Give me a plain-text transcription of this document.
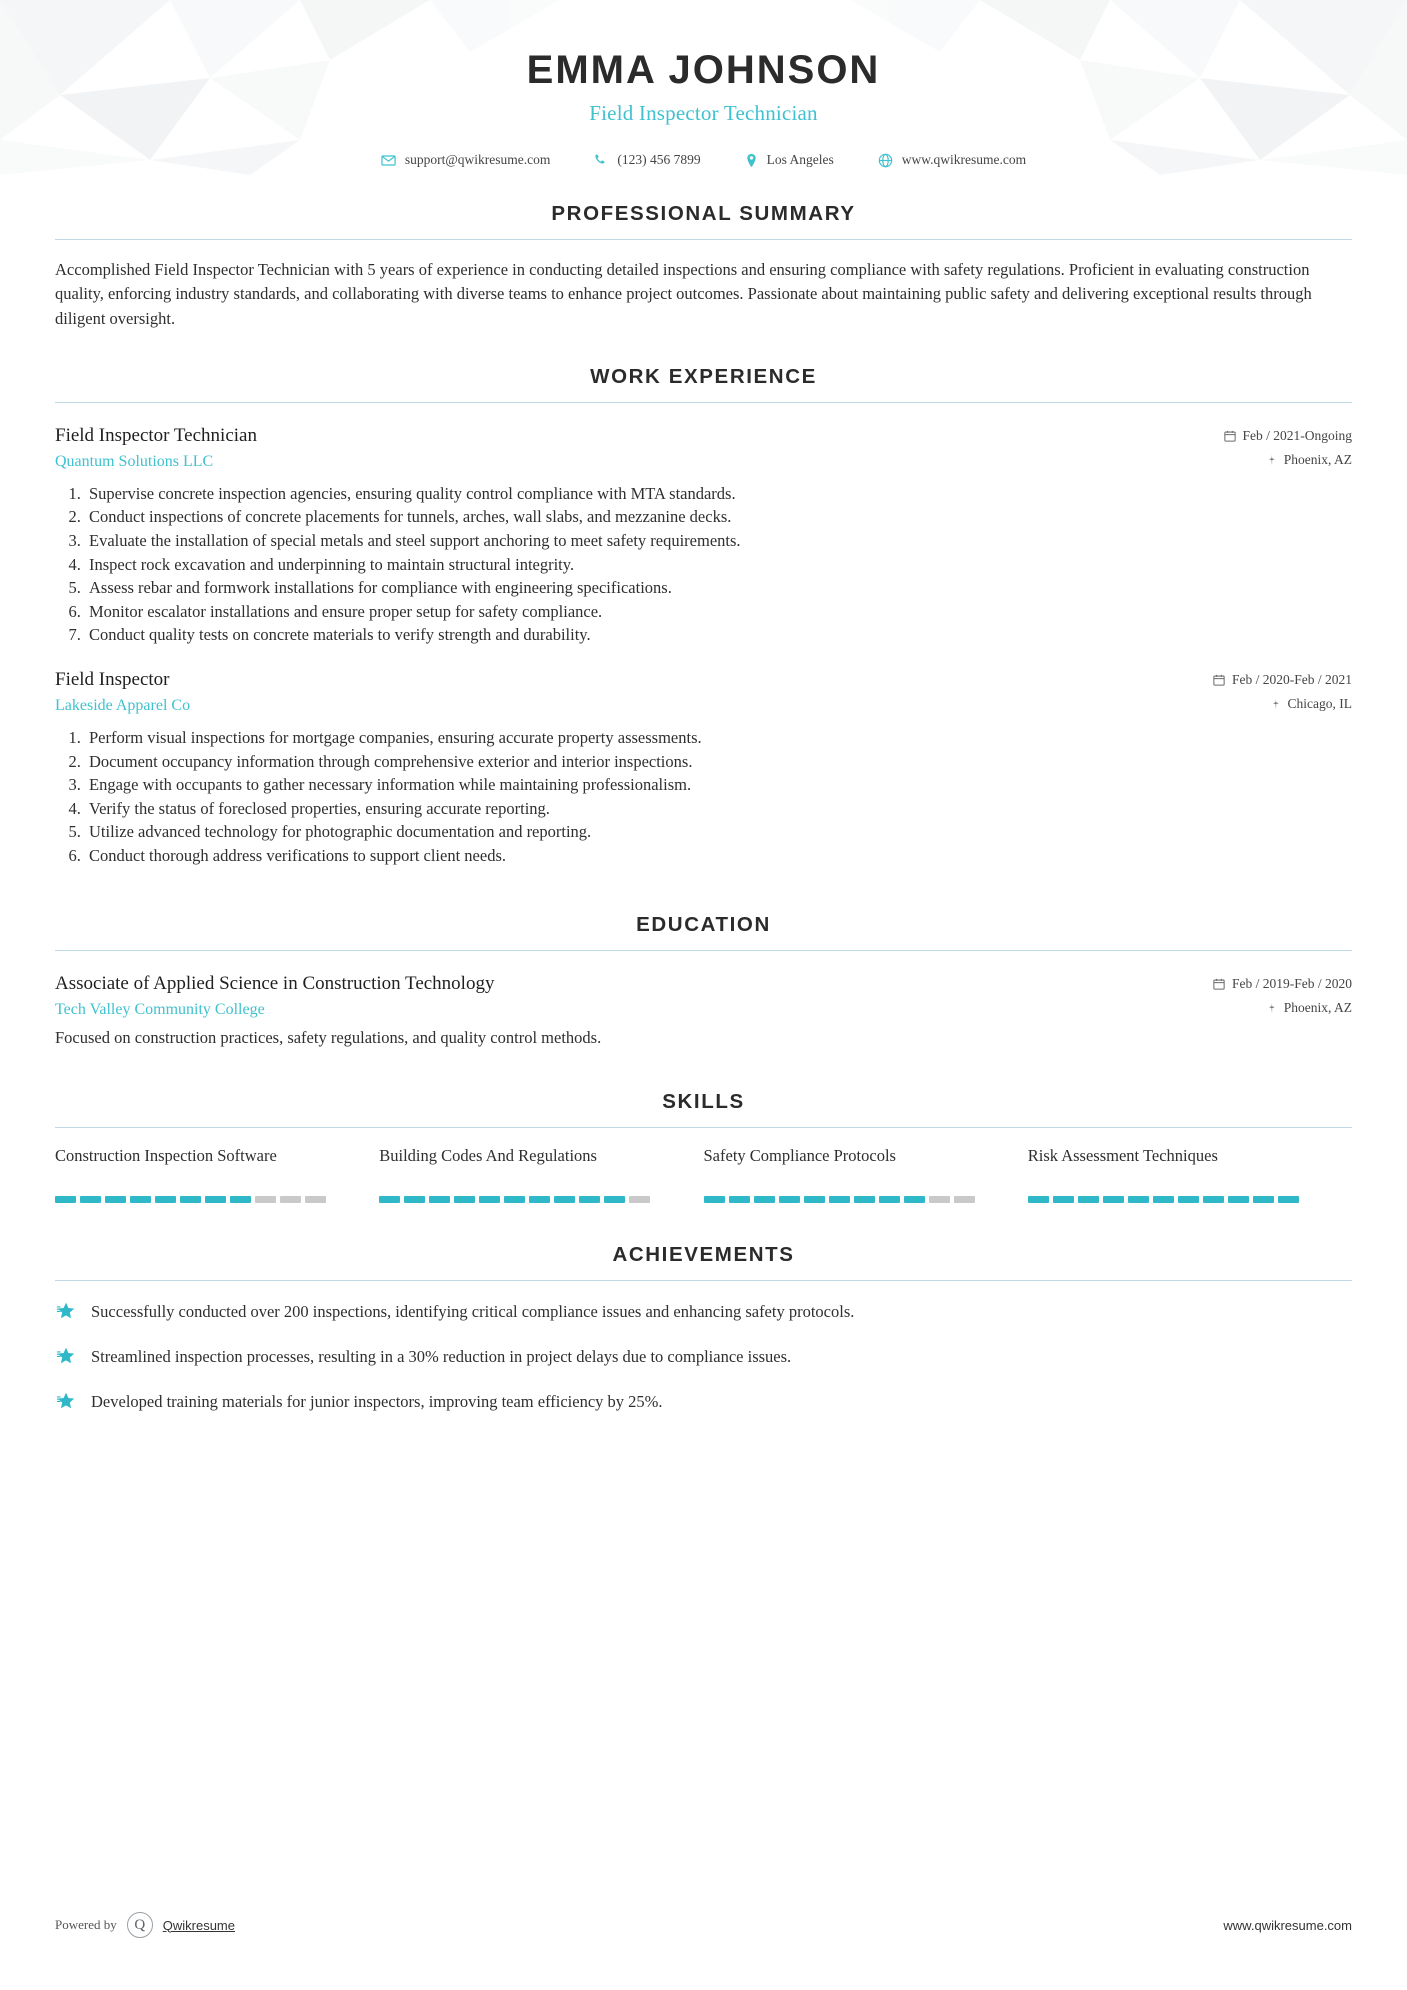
EMMA JOHNSON
Field Inspector Technician
support@qwikresume.com	(123) 456 7899	Los Angeles	www.qwikresume.com
PROFESSIONAL SUMMARY

Accomplished Field Inspector Technician with 5 years of experience in conducting detailed inspections and ensuring compliance with safety regulations. Proficient in evaluating construction quality, enforcing industry standards, and collaborating with diverse teams to enhance project outcomes. Passionate about maintaining public safety and delivering exceptional results through diligent oversight.

WORK EXPERIENCE
Field Inspector Technician
Quantum Solutions LLC
Feb / 2021-Ongoing
Phoenix, AZ
1. Supervise concrete inspection agencies, ensuring quality control compliance with MTA standards.
2. Conduct inspections of concrete placements for tunnels, arches, wall slabs, and mezzanine decks.
3. Evaluate the installation of special metals and steel support anchoring to meet safety requirements.
4. Inspect rock excavation and underpinning to maintain structural integrity.
5. Assess rebar and formwork installations for compliance with engineering specifications.
6. Monitor escalator installations and ensure proper setup for safety compliance.
7. Conduct quality tests on concrete materials to verify strength and durability.
Field Inspector
Lakeside Apparel Co
Feb / 2020-Feb / 2021
Chicago, IL
1. Perform visual inspections for mortgage companies, ensuring accurate property assessments.
2. Document occupancy information through comprehensive exterior and interior inspections.
3. Engage with occupants to gather necessary information while maintaining professionalism.
4. Verify the status of foreclosed properties, ensuring accurate reporting.
5. Utilize advanced technology for photographic documentation and reporting.
6. Conduct thorough address verifications to support client needs.
EDUCATION
Associate of Applied Science in Construction Technology
Tech Valley Community College
Feb / 2019-Feb / 2020
Phoenix, AZ
Focused on construction practices, safety regulations, and quality control methods.
SKILLS
Construction Inspection Software	Building Codes And Regulations	Safety Compliance Protocols	Risk Assessment Techniques
ACHIEVEMENTS
Successfully conducted over 200 inspections, identifying critical compliance issues and enhancing safety protocols.
Streamlined inspection processes, resulting in a 30% reduction in project delays due to compliance issues.
Developed training materials for junior inspectors, improving team efficiency by 25%.
Powered by	Q	Qwikresume	www.qwikresume.com
